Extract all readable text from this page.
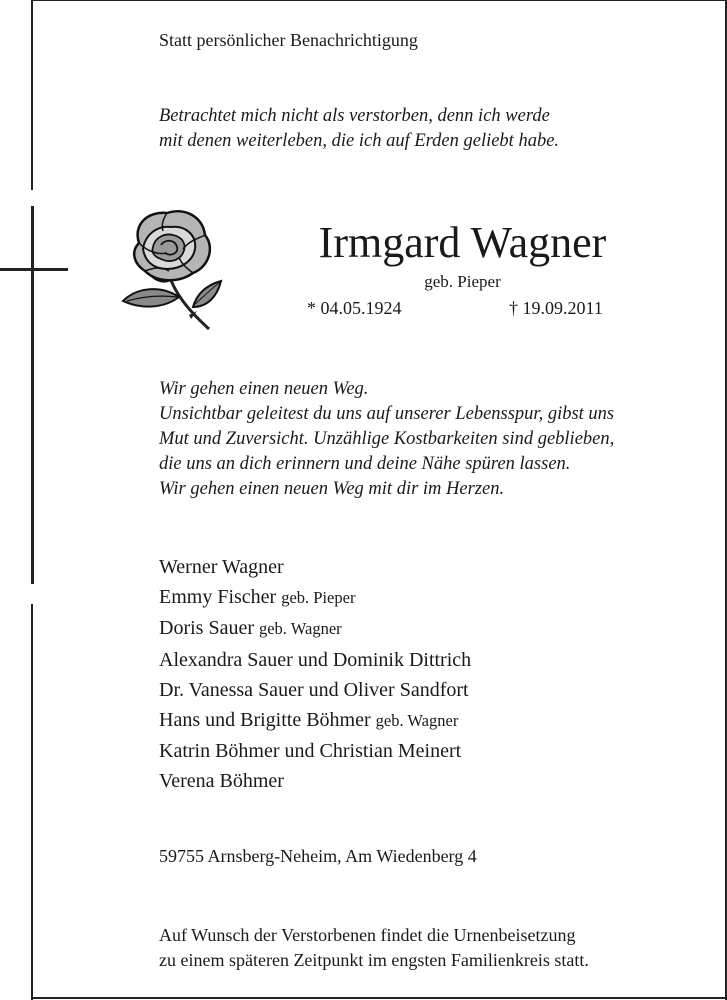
Statt persönlicher Benachrichtigung
Betrachtet mich nicht als verstorben, denn ich werde
mit denen weiterleben, die ich auf Erden geliebt habe.
Irmgard Wagner
geb. Pieper
* 04.05.1924	† 19.09.2011
Wir gehen einen neuen Weg.
Unsichtbar geleitest du uns auf unserer Lebensspur, gibst uns
Mut und Zuversicht. Unzählige Kostbarkeiten sind geblieben,
die uns an dich erinnern und deine Nähe spüren lassen.
Wir gehen einen neuen Weg mit dir im Herzen.
Werner Wagner
Emmy Fischer geb. Pieper
Doris Sauer geb. Wagner
Alexandra Sauer und Dominik Dittrich
Dr. Vanessa Sauer und Oliver Sandfort
Hans und Brigitte Böhmer geb. Wagner
Katrin Böhmer und Christian Meinert
Verena Böhmer
59755 Arnsberg-Neheim, Am Wiedenberg 4
Auf Wunsch der Verstorbenen findet die Urnenbeisetzung
zu einem späteren Zeitpunkt im engsten Familienkreis statt.
